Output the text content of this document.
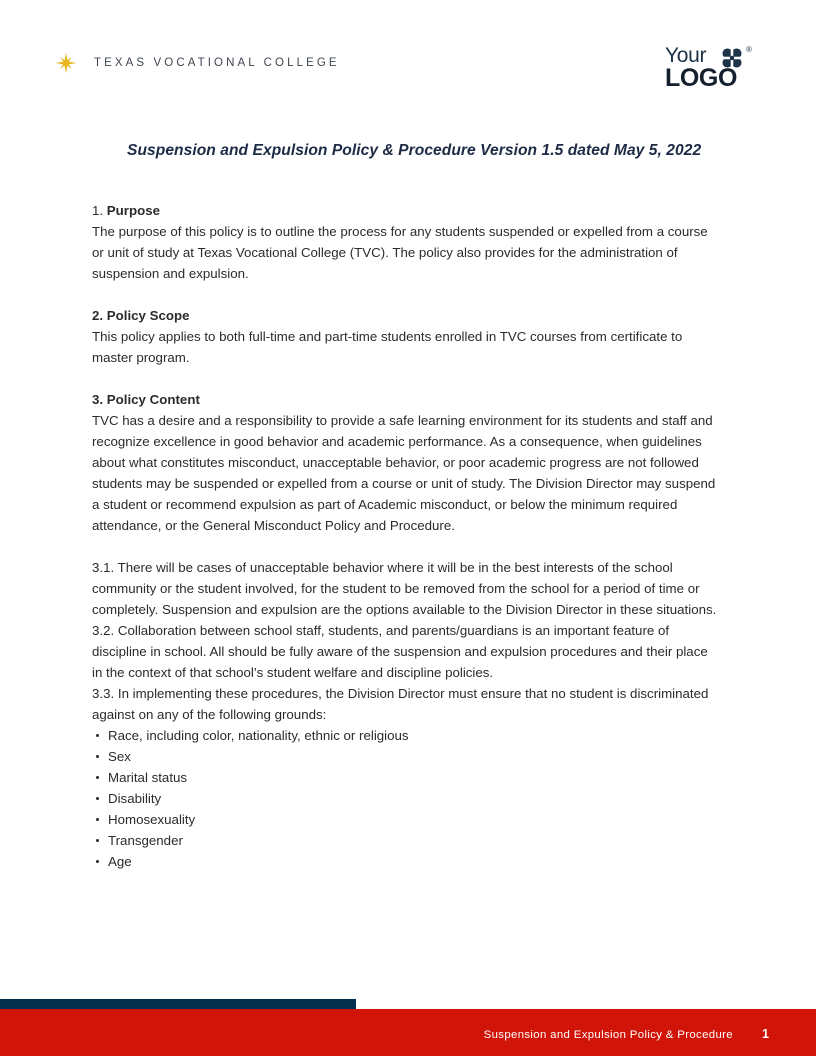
TEXAS VOCATIONAL COLLEGE	Your	®
LOGO
Suspension and Expulsion Policy & Procedure Version 1.5 dated May 5, 2022

1. Purpose

The purpose of this policy is to outline the process for any students suspended or expelled from a course or unit of study at Texas Vocational College (TVC). The policy also provides for the administration of suspension and expulsion.

2. Policy Scope

This policy applies to both full-time and part-time students enrolled in TVC courses from certificate to master program.

3. Policy Content

TVC has a desire and a responsibility to provide a safe learning environment for its students and staff and recognize excellence in good behavior and academic performance. As a consequence, when guidelines about what constitutes misconduct, unacceptable behavior, or poor academic progress are not followed students may be suspended or expelled from a course or unit of study. The Division Director may suspend a student or recommend expulsion as part of Academic misconduct, or below the minimum required attendance, or the General Misconduct Policy and Procedure.

3.1. There will be cases of unacceptable behavior where it will be in the best interests of the school community or the student involved, for the student to be removed from the school for a period of time or completely. Suspension and expulsion are the options available to the Division Director in these situations.

3.2. Collaboration between school staff, students, and parents/guardians is an important feature of discipline in school. All should be fully aware of the suspension and expulsion procedures and their place in the context of that school’s student welfare and discipline policies.

3.3. In implementing these procedures, the Division Director must ensure that no student is discriminated against on any of the following grounds:

Race, including color, nationality, ethnic or religious
Sex
Marital status
Disability
Homosexuality
Transgender
Age
Suspension and Expulsion Policy & Procedure 1
